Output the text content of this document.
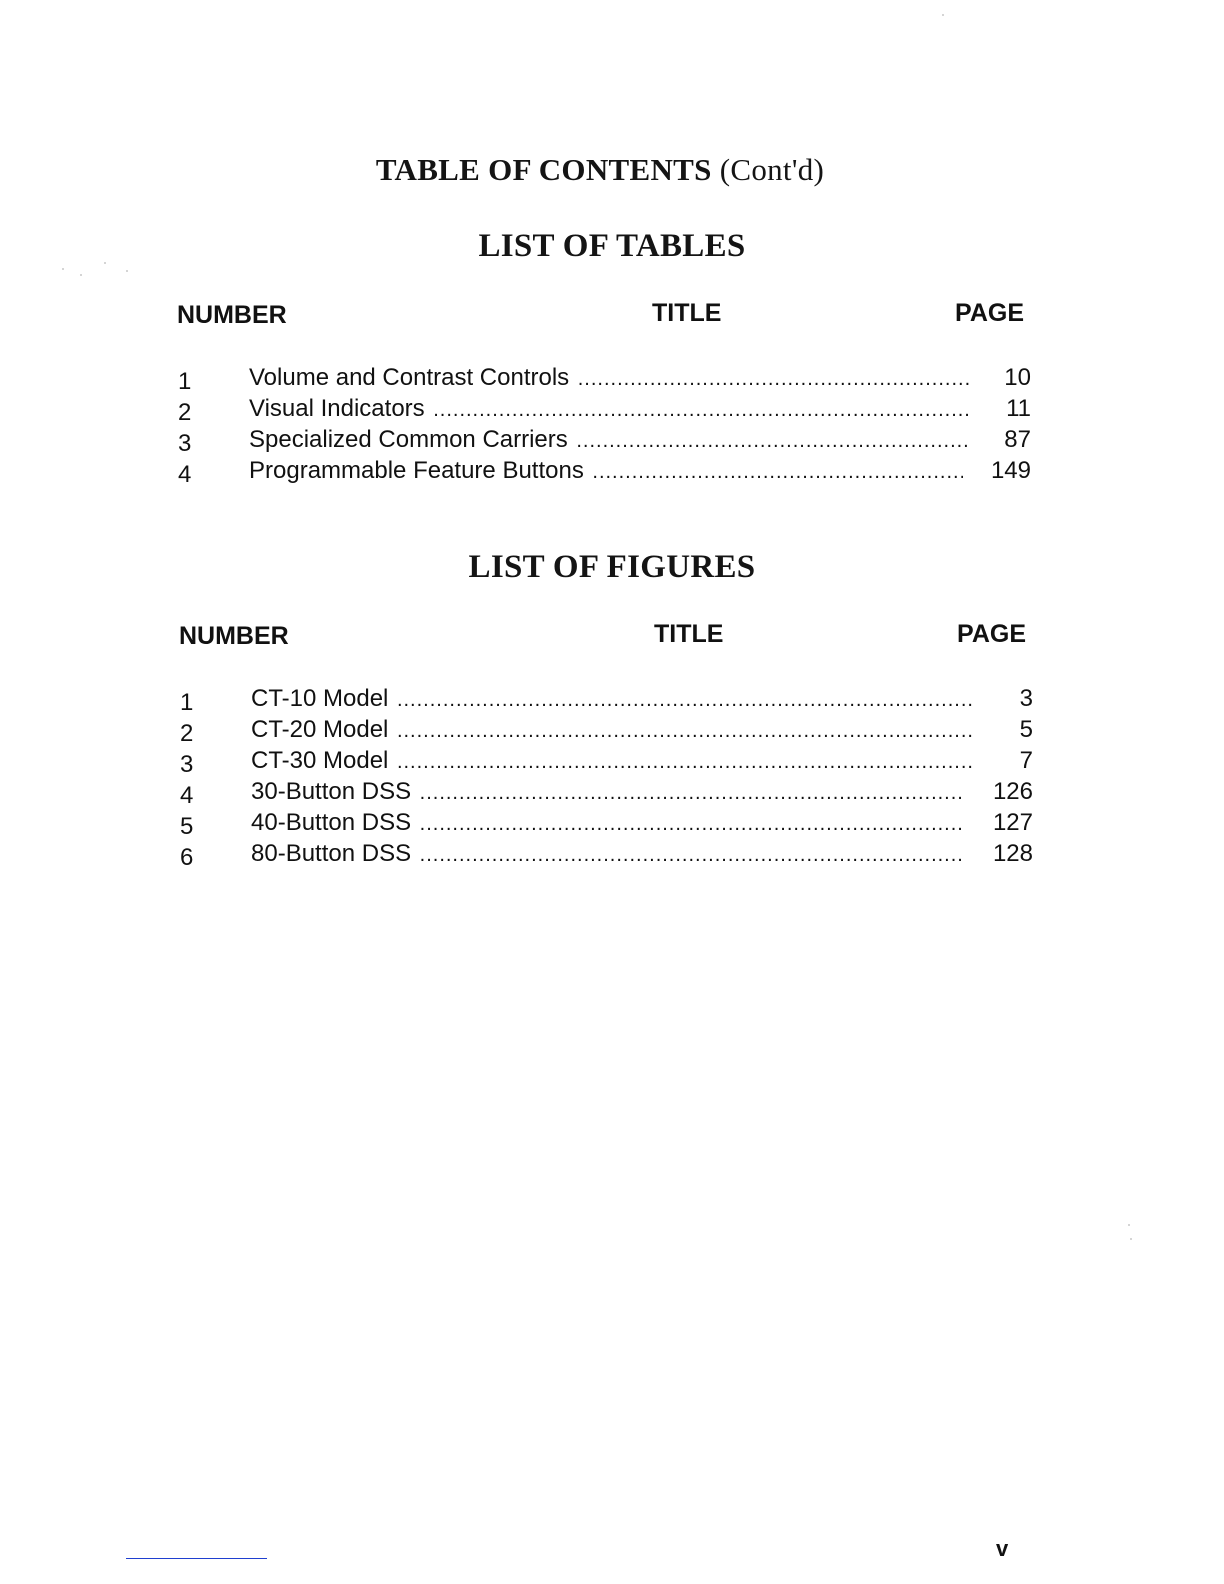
TABLE OF CONTENTS (Cont'd)
LIST OF TABLES
NUMBER	TITLE	PAGE
1 Volume and Contrast Controls .....	10
2 Visual Indicators .....	11
3 Specialized Common Carriers .....	87
4 Programmable Feature Buttons .....	149
LIST OF FIGURES
NUMBER	TITLE	PAGE
1 CT-10 Model .....	3
2 CT-20 Model .....	5
3 CT-30 Model .....	7
4 30-Button DSS .....	126
5 40-Button DSS .....	127
6 80-Button DSS .....	128
v
